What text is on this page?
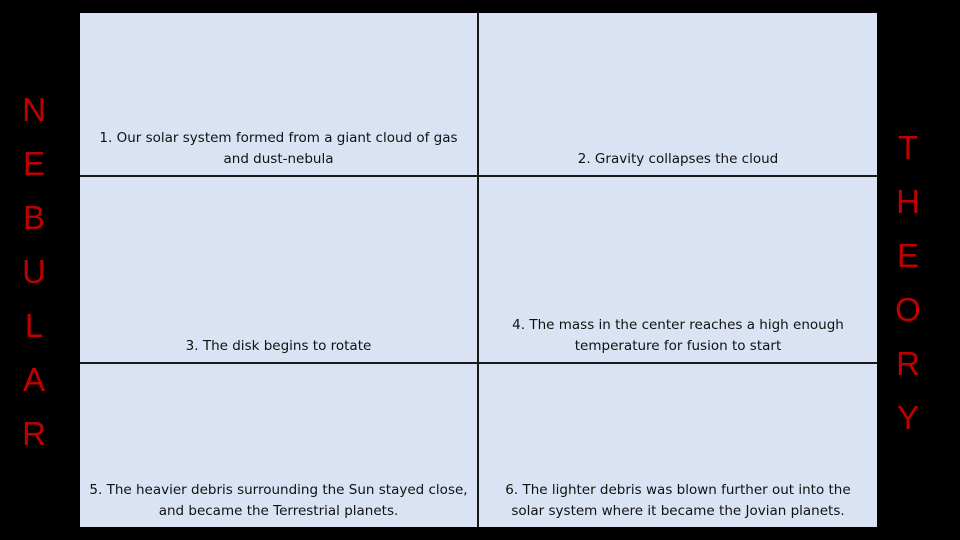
N
E
B
U
L
A
R
1. Our solar system formed from a giant cloud of gas and dust-nebula	2. Gravity collapses the cloud
3. The disk begins to rotate
4. The mass in the center reaches a high enough temperature for fusion to start
5. The heavier debris surrounding the Sun stayed close, and became the Terrestrial planets.
6. The lighter debris was blown further out into the solar system where it became the Jovian planets.
T
H
E
O
R
Y
